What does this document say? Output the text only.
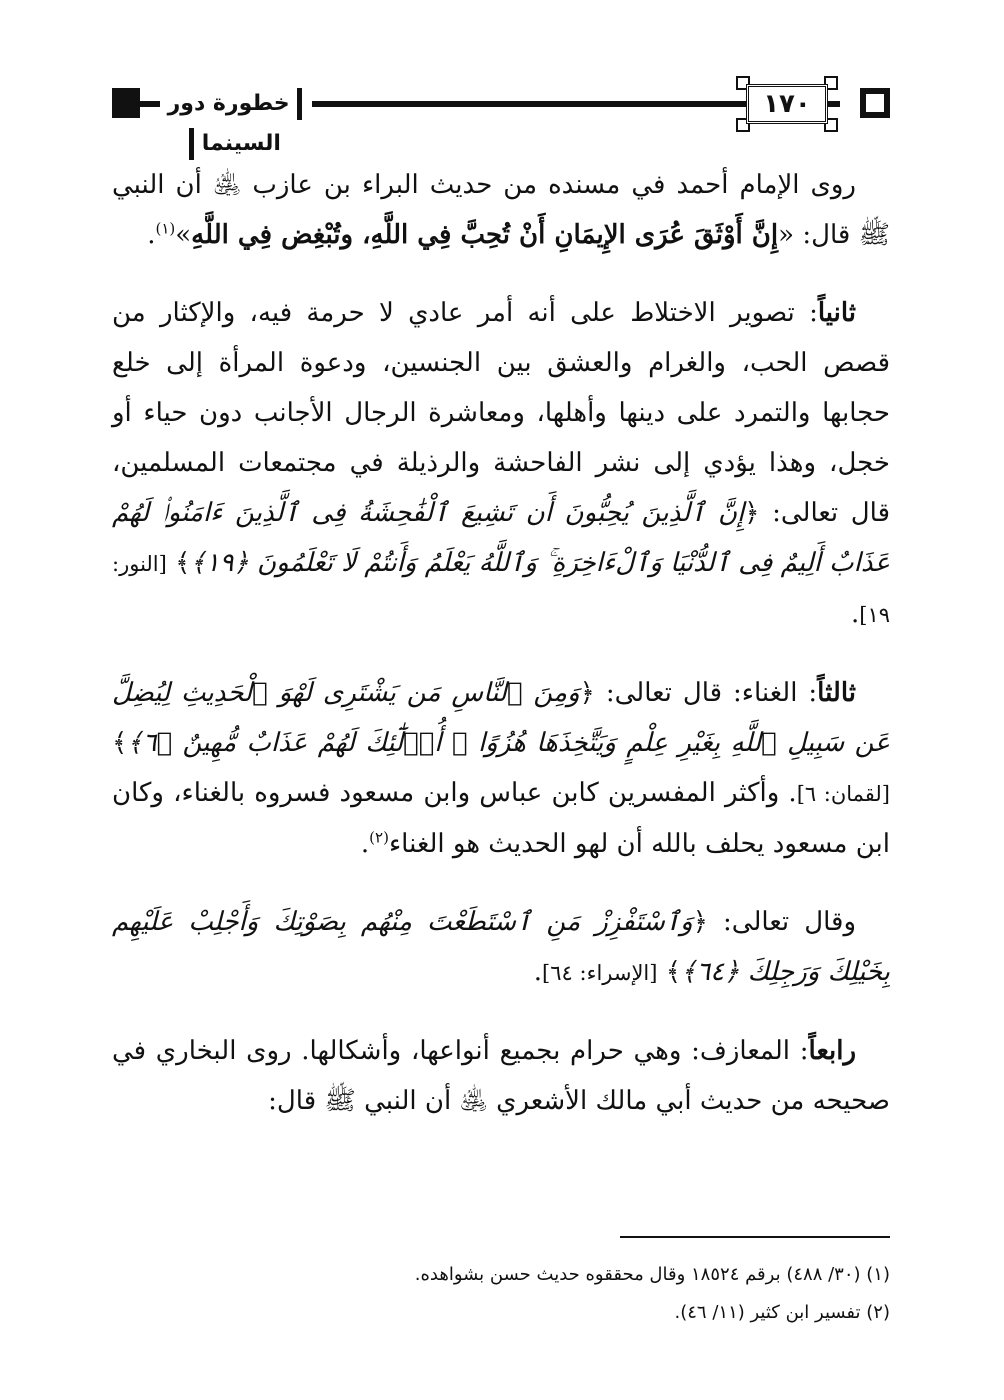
خطورة دور السينما
١٧٠

روى الإمام أحمد في مسنده من حديث البراء بن عازب ﵁ أن النبي ﷺ قال: «إِنَّ أَوْثَقَ عُرَى الإِيمَانِ أَنْ تُحِبَّ فِي اللَّهِ، وتُبْغِض فِي اللَّهِ»$^{(١)}$.

ثانياً: تصوير الاختلاط على أنه أمر عادي لا حرمة فيه، والإكثار من قصص الحب، والغرام والعشق بين الجنسين، ودعوة المرأة إلى خلع حجابها والتمرد على دينها وأهلها، ومعاشرة الرجال الأجانب دون حياء أو خجل، وهذا يؤدي إلى نشر الفاحشة والرذيلة في مجتمعات المسلمين، قال تعالى: ﴿إِنَّ ٱلَّذِينَ يُحِبُّونَ أَن تَشِيعَ ٱلْفَٰحِشَةُ فِى ٱلَّذِينَ ءَامَنُوا۟ لَهُمْ عَذَابٌ أَلِيمٌ فِى ٱلدُّنْيَا وَٱلْءَاخِرَةِ ۚ وَٱللَّهُ يَعْلَمُ وَأَنتُمْ لَا تَعْلَمُونَ ﴿١٩﴾﴾ [النور: ١٩].

ثالثاً: الغناء: قال تعالى: ﴿وَمِنَ ٱلنَّاسِ مَن يَشْتَرِى لَهْوَ ٱلْحَدِيثِ لِيُضِلَّ عَن سَبِيلِ ٱللَّهِ بِغَيْرِ عِلْمٍ وَيَتَّخِذَهَا هُزُوًا ۚ أُو۟لَٰٓئِكَ لَهُمْ عَذَابٌ مُّهِينٌ ﴿٦﴾﴾ [لقمان: ٦]. وأكثر المفسرين كابن عباس وابن مسعود فسروه بالغناء، وكان ابن مسعود يحلف بالله أن لهو الحديث هو الغناء$^{(٢)}$.

وقال تعالى: ﴿وَٱسْتَفْزِزْ مَنِ ٱسْتَطَعْتَ مِنْهُم بِصَوْتِكَ وَأَجْلِبْ عَلَيْهِم بِخَيْلِكَ وَرَجِلِكَ ﴿٦٤﴾﴾ [الإسراء: ٦٤].

رابعاً: المعازف: وهي حرام بجميع أنواعها، وأشكالها. روى البخاري في صحيحه من حديث أبي مالك الأشعري ﵁ أن النبي ﷺ قال:

(١) (٣٠/ ٤٨٨) برقم ١٨٥٢٤ وقال محققوه حديث حسن بشواهده.
(٢) تفسير ابن كثير (١١/ ٤٦).
